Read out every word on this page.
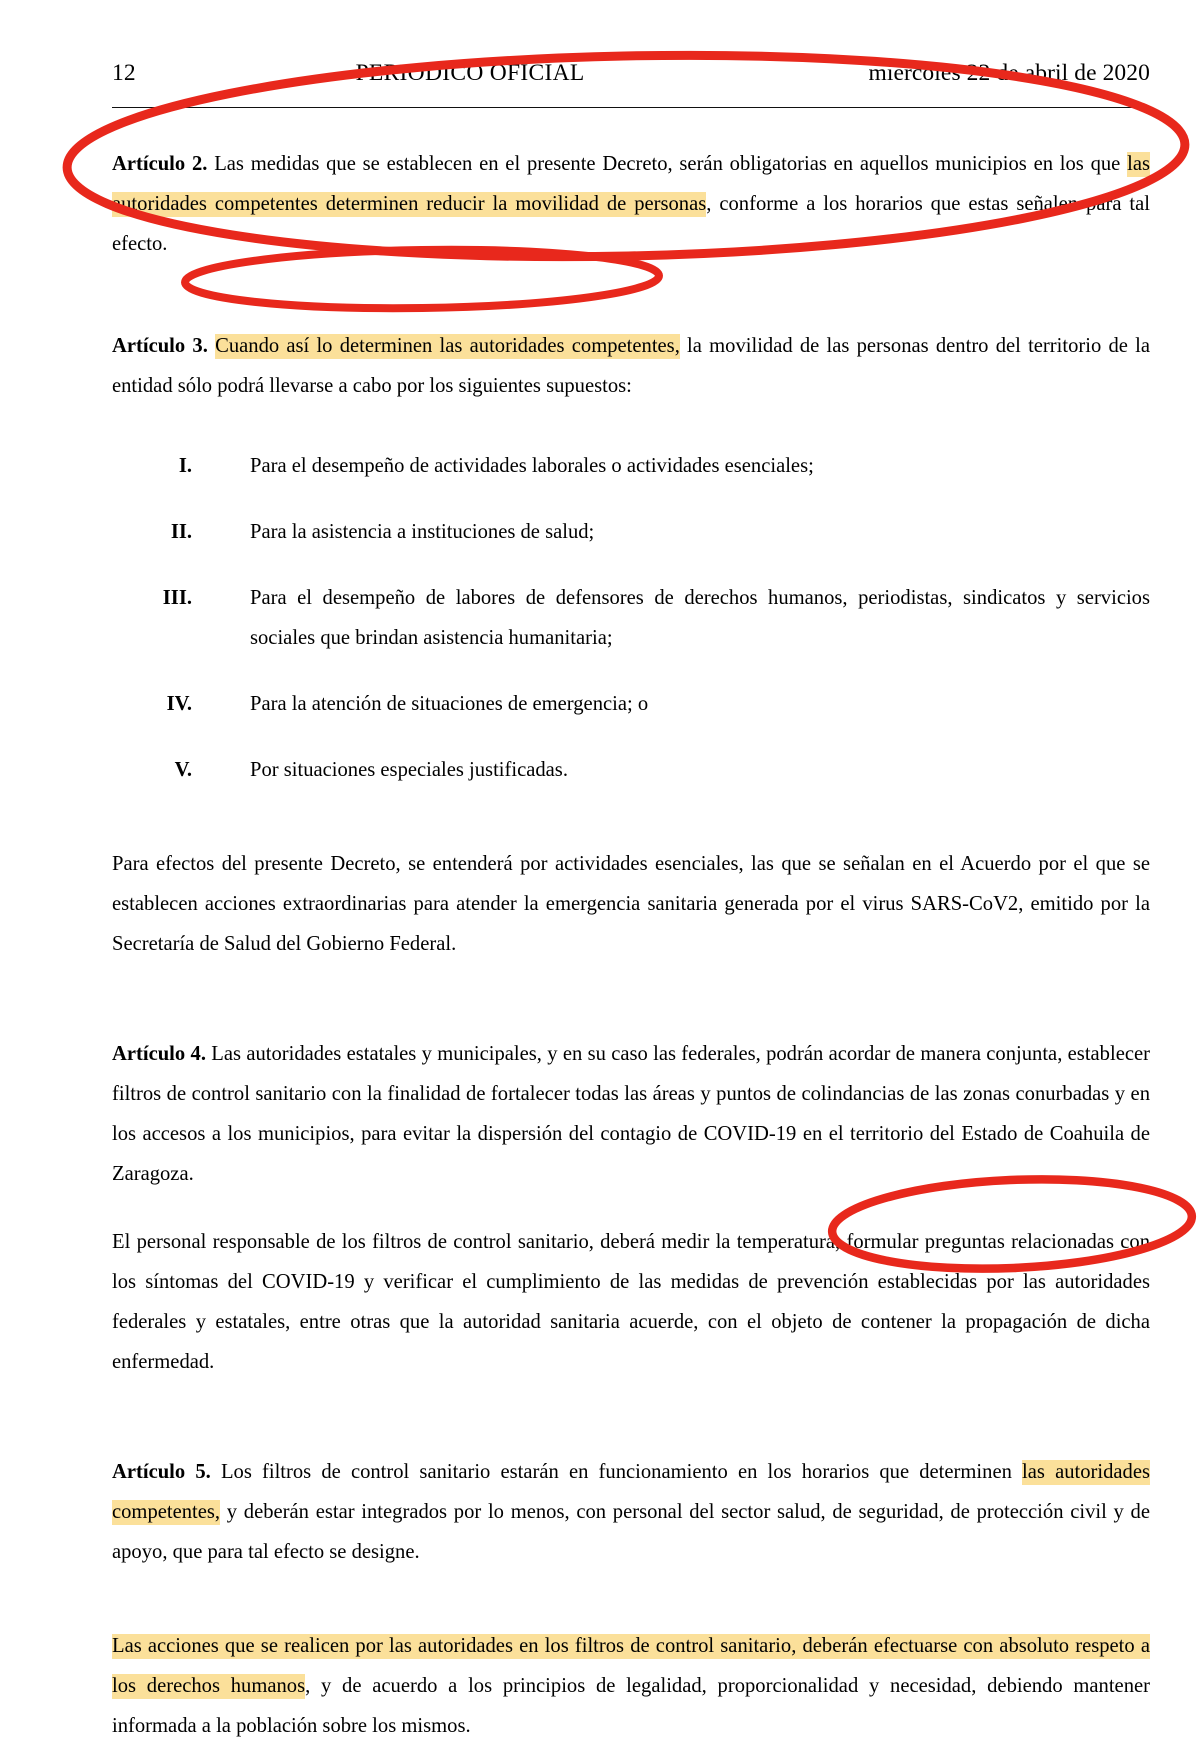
12	PERIODICO OFICIAL	miércoles 22 de abril de 2020

Artículo 2. Las medidas que se establecen en el presente Decreto, serán obligatorias en aquellos municipios en los que las autoridades competentes determinen reducir la movilidad de personas, conforme a los horarios que estas señalen para tal efecto.

Artículo 3. Cuando así lo determinen las autoridades competentes, la movilidad de las personas dentro del territorio de la entidad sólo podrá llevarse a cabo por los siguientes supuestos:

I.	Para el desempeño de actividades laborales o actividades esenciales;
II.	Para la asistencia a instituciones de salud;
III.	Para el desempeño de labores de defensores de derechos humanos, periodistas, sindicatos y servicios sociales que brindan asistencia humanitaria;
IV.	Para la atención de situaciones de emergencia; o
V.	Por situaciones especiales justificadas.

Para efectos del presente Decreto, se entenderá por actividades esenciales, las que se señalan en el Acuerdo por el que se establecen acciones extraordinarias para atender la emergencia sanitaria generada por el virus SARS-CoV2, emitido por la Secretaría de Salud del Gobierno Federal.

Artículo 4. Las autoridades estatales y municipales, y en su caso las federales, podrán acordar de manera conjunta, establecer filtros de control sanitario con la finalidad de fortalecer todas las áreas y puntos de colindancias de las zonas conurbadas y en los accesos a los municipios, para evitar la dispersión del contagio de COVID-19 en el territorio del Estado de Coahuila de Zaragoza.

El personal responsable de los filtros de control sanitario, deberá medir la temperatura, formular preguntas relacionadas con los síntomas del COVID-19 y verificar el cumplimiento de las medidas de prevención establecidas por las autoridades federales y estatales, entre otras que la autoridad sanitaria acuerde, con el objeto de contener la propagación de dicha enfermedad.

Artículo 5. Los filtros de control sanitario estarán en funcionamiento en los horarios que determinen las autoridades competentes, y deberán estar integrados por lo menos, con personal del sector salud, de seguridad, de protección civil y de apoyo, que para tal efecto se designe.

Las acciones que se realicen por las autoridades en los filtros de control sanitario, deberán efectuarse con absoluto respeto a los derechos humanos, y de acuerdo a los principios de legalidad, proporcionalidad y necesidad, debiendo mantener informada a la población sobre los mismos.
